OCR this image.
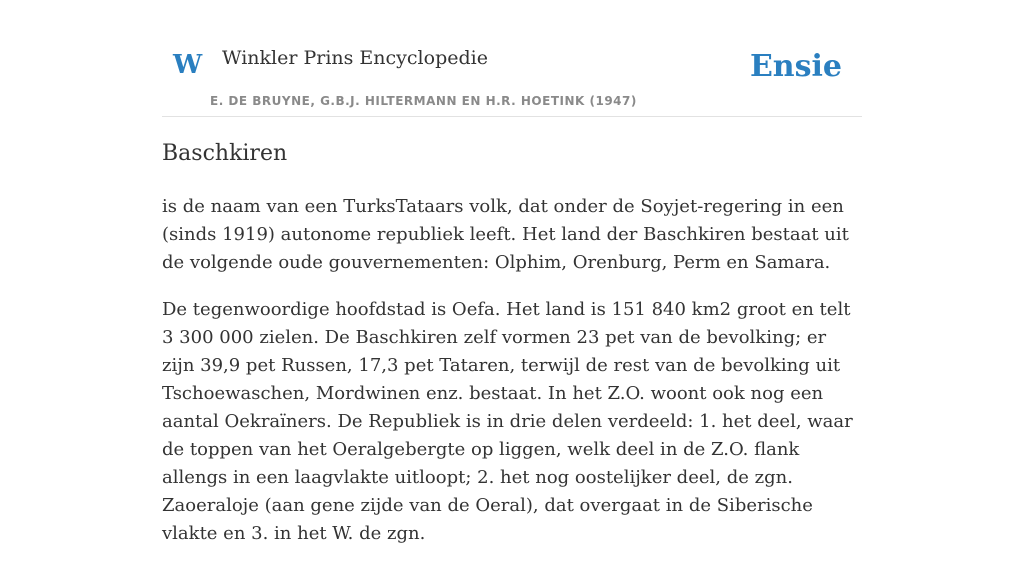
W Winkler Prins Encyclopedie
E. DE BRUYNE, G.B.J. HILTERMANN EN H.R. HOETINK (1947)
Ensie
Baschkiren

is de naam van een TurksTataars volk, dat onder de Soyjet-regering in een (sinds 1919) autonome republiek leeft. Het land der Baschkiren bestaat uit de volgende oude gouvernementen: Olphim, Orenburg, Perm en Samara.

De tegenwoordige hoofdstad is Oefa. Het land is 151 840 km2 groot en telt 3 300 000 zielen. De Baschkiren zelf vormen 23 pet van de bevolking; er zijn 39,9 pet Russen, 17,3 pet Tataren, terwijl de rest van de bevolking uit Tschoewaschen, Mordwinen enz. bestaat. In het Z.O. woont ook nog een aantal Oekraïners. De Republiek is in drie delen verdeeld: 1. het deel, waar de toppen van het Oeralgebergte op liggen, welk deel in de Z.O. flank allengs in een laagvlakte uitloopt; 2. het nog oostelijker deel, de zgn. Zaoeraloje (aan gene zijde van de Oeral), dat overgaat in de Siberische vlakte en 3. in het W. de zgn.
